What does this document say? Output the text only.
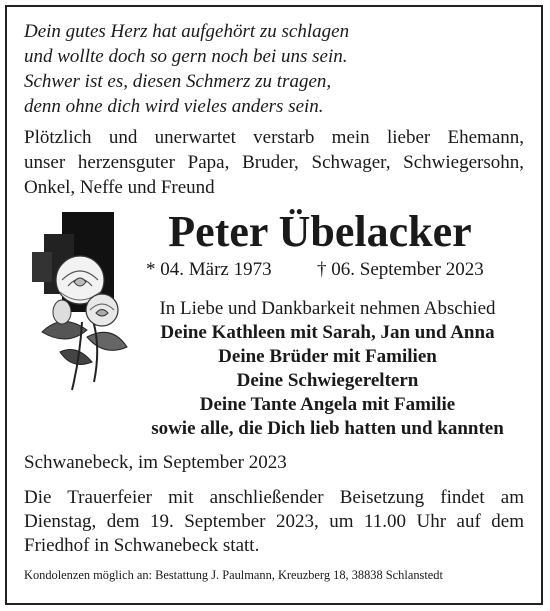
Dein gutes Herz hat aufgehört zu schlagen
und wollte doch so gern noch bei uns sein.
Schwer ist es, diesen Schmerz zu tragen,
denn ohne dich wird vieles anders sein.
Plötzlich und unerwartet verstarb mein lieber Ehemann,
unser herzensguter Papa, Bruder, Schwager, Schwiegersohn,
Onkel, Neffe und Freund
Peter Übelacker
* 04. März 1973 † 06. September 2023
In Liebe und Dankbarkeit nehmen Abschied
Deine Kathleen mit Sarah, Jan und Anna
Deine Brüder mit Familien
Deine Schwiegereltern
Deine Tante Angela mit Familie
sowie alle, die Dich lieb hatten und kannten
Schwanebeck, im September 2023
Die Trauerfeier mit anschließender Beisetzung findet am
Dienstag, dem 19. September 2023, um 11.00 Uhr auf dem
Friedhof in Schwanebeck statt.
Kondolenzen möglich an: Bestattung J. Paulmann, Kreuzberg 18, 38838 Schlanstedt
